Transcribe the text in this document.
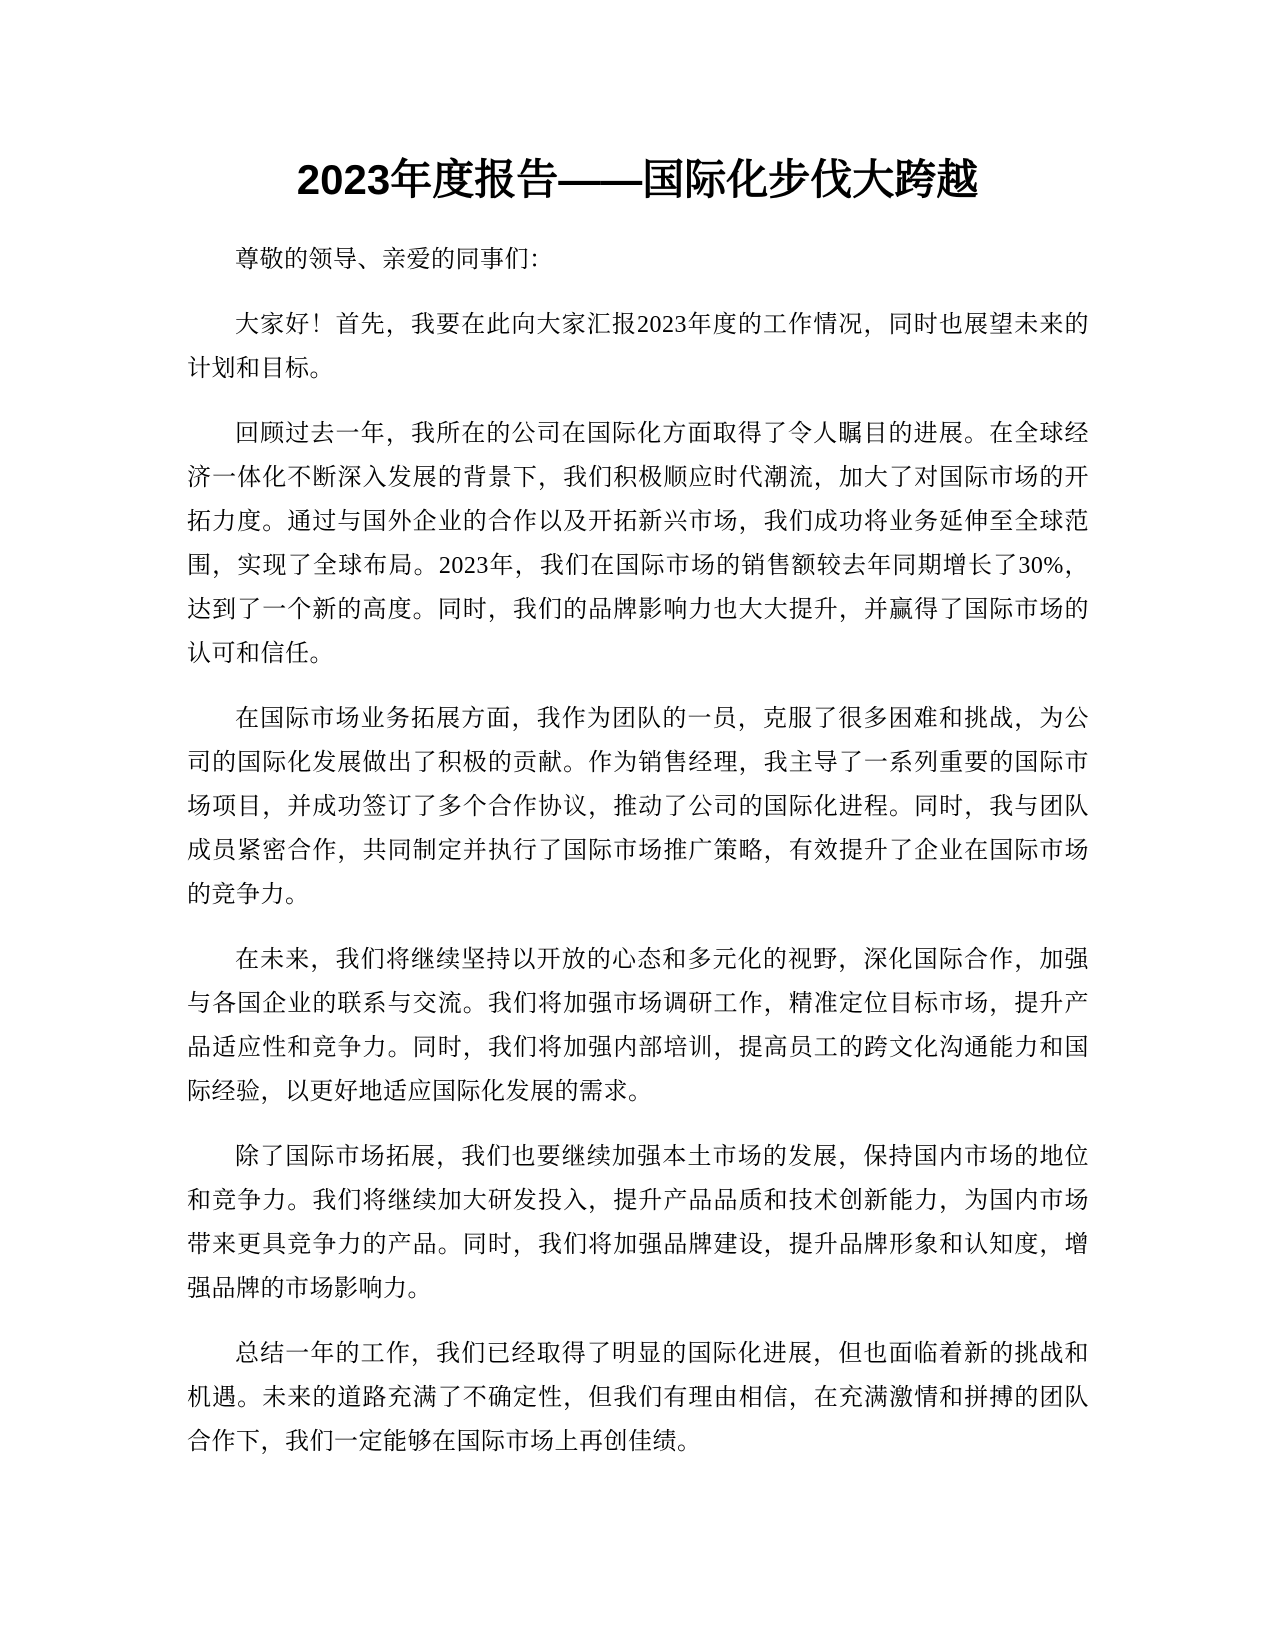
2023年度报告——国际化步伐大跨越

尊敬的领导、亲爱的同事们：

大家好！首先，我要在此向大家汇报2023年度的工作情况，同时也展望未来的计划和目标。

回顾过去一年，我所在的公司在国际化方面取得了令人瞩目的进展。在全球经济一体化不断深入发展的背景下，我们积极顺应时代潮流，加大了对国际市场的开拓力度。通过与国外企业的合作以及开拓新兴市场，我们成功将业务延伸至全球范围，实现了全球布局。2023年，我们在国际市场的销售额较去年同期增长了30%，达到了一个新的高度。同时，我们的品牌影响力也大大提升，并赢得了国际市场的认可和信任。

在国际市场业务拓展方面，我作为团队的一员，克服了很多困难和挑战，为公司的国际化发展做出了积极的贡献。作为销售经理，我主导了一系列重要的国际市场项目，并成功签订了多个合作协议，推动了公司的国际化进程。同时，我与团队成员紧密合作，共同制定并执行了国际市场推广策略，有效提升了企业在国际市场的竞争力。

在未来，我们将继续坚持以开放的心态和多元化的视野，深化国际合作，加强与各国企业的联系与交流。我们将加强市场调研工作，精准定位目标市场，提升产品适应性和竞争力。同时，我们将加强内部培训，提高员工的跨文化沟通能力和国际经验，以更好地适应国际化发展的需求。

除了国际市场拓展，我们也要继续加强本土市场的发展，保持国内市场的地位和竞争力。我们将继续加大研发投入，提升产品品质和技术创新能力，为国内市场带来更具竞争力的产品。同时，我们将加强品牌建设，提升品牌形象和认知度，增强品牌的市场影响力。

总结一年的工作，我们已经取得了明显的国际化进展，但也面临着新的挑战和机遇。未来的道路充满了不确定性，但我们有理由相信，在充满激情和拼搏的团队合作下，我们一定能够在国际市场上再创佳绩。
